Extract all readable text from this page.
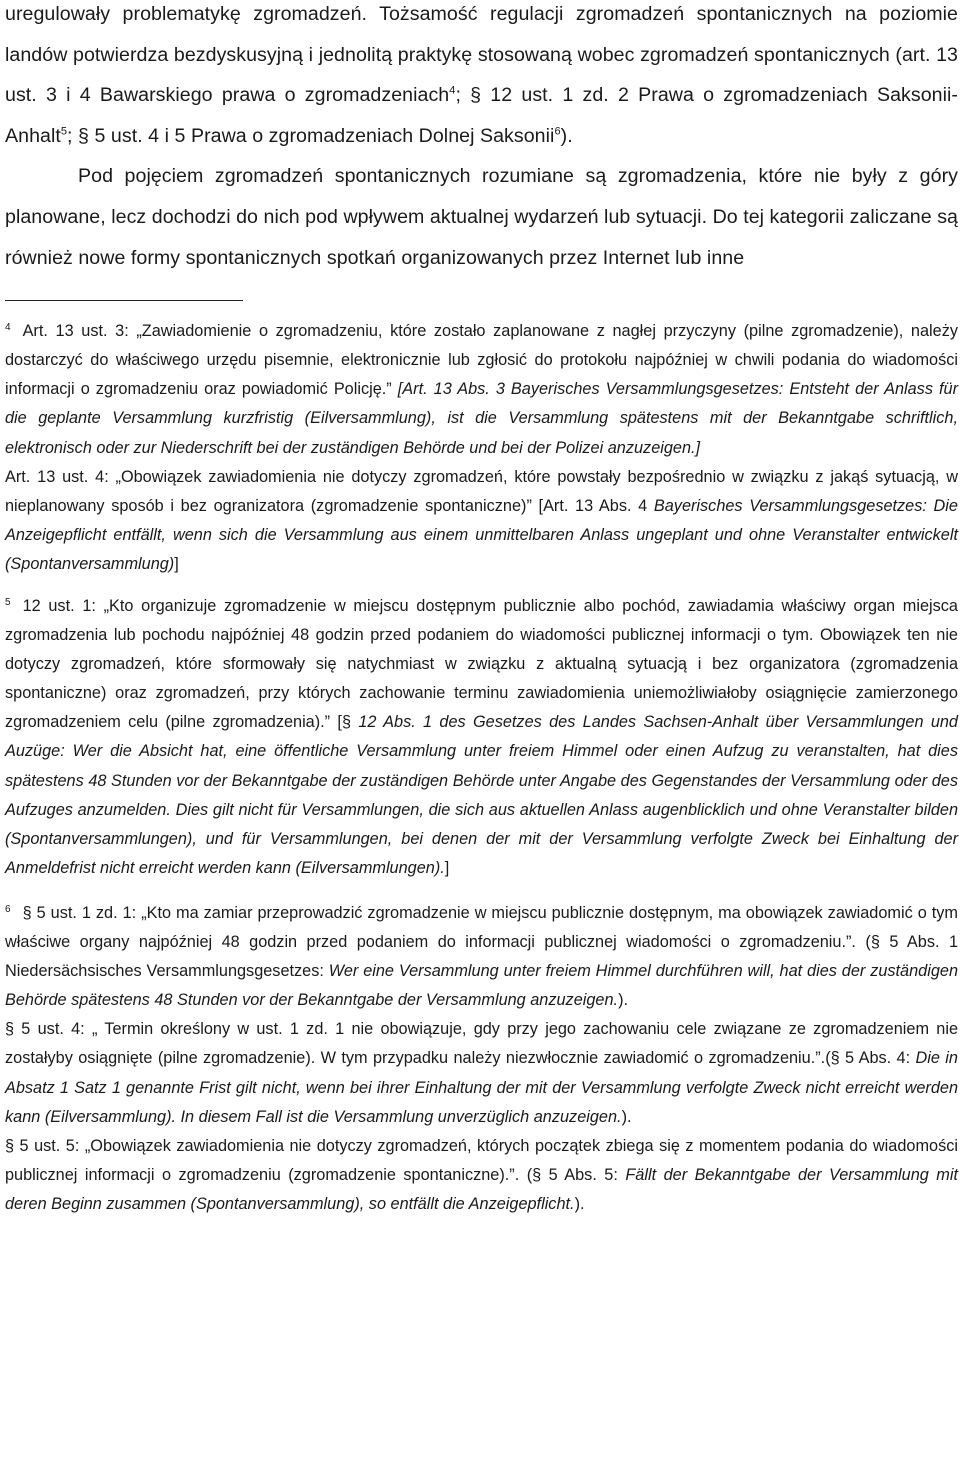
uregulowały problematykę zgromadzeń. Tożsamość regulacji zgromadzeń spontanicznych na poziomie landów potwierdza bezdyskusyjną i jednolitą praktykę stosowaną wobec zgromadzeń spontanicznych (art. 13 ust. 3 i 4 Bawarskiego prawa o zgromadzeniach$^4$; § 12 ust. 1 zd. 2 Prawa o zgromadzeniach Saksonii-Anhalt$^5$; § 5 ust. 4 i 5 Prawa o zgromadzeniach Dolnej Saksonii$^6$).

Pod pojęciem zgromadzeń spontanicznych rozumiane są zgromadzenia, które nie były z góry planowane, lecz dochodzi do nich pod wpływem aktualnej wydarzeń lub sytuacji. Do tej kategorii zaliczane są również nowe formy spontanicznych spotkań organizowanych przez Internet lub inne

$^4$ Art. 13 ust. 3: „Zawiadomienie o zgromadzeniu, które zostało zaplanowane z nagłej przyczyny (pilne zgromadzenie), należy dostarczyć do właściwego urzędu pisemnie, elektronicznie lub zgłosić do protokołu najpóźniej w chwili podania do wiadomości informacji o zgromadzeniu oraz powiadomić Policję.” [Art. 13 Abs. 3 Bayerisches Versammlungsgesetzes: Entsteht der Anlass für die geplante Versammlung kurzfristig (Eilversammlung), ist die Versammlung spätestens mit der Bekanntgabe schriftlich, elektronisch oder zur Niederschrift bei der zuständigen Behörde und bei der Polizei anzuzeigen.]

Art. 13 ust. 4: „Obowiązek zawiadomienia nie dotyczy zgromadzeń, które powstały bezpośrednio w związku z jakąś sytuacją, w nieplanowany sposób i bez ogranizatora (zgromadzenie spontaniczne)” [Art. 13 Abs. 4 Bayerisches Versammlungsgesetzes: Die Anzeigepflicht entfällt, wenn sich die Versammlung aus einem unmittelbaren Anlass ungeplant und ohne Veranstalter entwickelt (Spontanversammlung)]

$^5$ 12 ust. 1: „Kto organizuje zgromadzenie w miejscu dostępnym publicznie albo pochód, zawiadamia właściwy organ miejsca zgromadzenia lub pochodu najpóźniej 48 godzin przed podaniem do wiadomości publicznej informacji o tym. Obowiązek ten nie dotyczy zgromadzeń, które sformowały się natychmiast w związku z aktualną sytuacją i bez organizatora (zgromadzenia spontaniczne) oraz zgromadzeń, przy których zachowanie terminu zawiadomienia uniemożliwiałoby osiągnięcie zamierzonego zgromadzeniem celu (pilne zgromadzenia).” [§ 12 Abs. 1 des Gesetzes des Landes Sachsen-Anhalt über Versammlungen und Auzüge: Wer die Absicht hat, eine öffentliche Versammlung unter freiem Himmel oder einen Aufzug zu veranstalten, hat dies spätestens 48 Stunden vor der Bekanntgabe der zuständigen Behörde unter Angabe des Gegenstandes der Versammlung oder des Aufzuges anzumelden. Dies gilt nicht für Versammlungen, die sich aus aktuellen Anlass augenblicklich und ohne Veranstalter bilden (Spontanversammlungen), und für Versammlungen, bei denen der mit der Versammlung verfolgte Zweck bei Einhaltung der Anmeldefrist nicht erreicht werden kann (Eilversammlungen).]

$^6$ § 5 ust. 1 zd. 1: „Kto ma zamiar przeprowadzić zgromadzenie w miejscu publicznie dostępnym, ma obowiązek zawiadomić o tym właściwe organy najpóźniej 48 godzin przed podaniem do informacji publicznej wiadomości o zgromadzeniu.”. (§ 5 Abs. 1 Niedersächsisches Versammlungsgesetzes: Wer eine Versammlung unter freiem Himmel durchführen will, hat dies der zuständigen Behörde spätestens 48 Stunden vor der Bekanntgabe der Versammlung anzuzeigen.).

§ 5 ust. 4: „ Termin określony w ust. 1 zd. 1 nie obowiązuje, gdy przy jego zachowaniu cele związane ze zgromadzeniem nie zostałyby osiągnięte (pilne zgromadzenie). W tym przypadku należy niezwłocznie zawiadomić o zgromadzeniu.”.(§ 5 Abs. 4: Die in Absatz 1 Satz 1 genannte Frist gilt nicht, wenn bei ihrer Einhaltung der mit der Versammlung verfolgte Zweck nicht erreicht werden kann (Eilversammlung). In diesem Fall ist die Versammlung unverzüglich anzuzeigen.).

§ 5 ust. 5: „Obowiązek zawiadomienia nie dotyczy zgromadzeń, których początek zbiega się z momentem podania do wiadomości publicznej informacji o zgromadzeniu (zgromadzenie spontaniczne).”. (§ 5 Abs. 5: Fällt der Bekanntgabe der Versammlung mit deren Beginn zusammen (Spontanversammlung), so entfällt die Anzeigepflicht.).
